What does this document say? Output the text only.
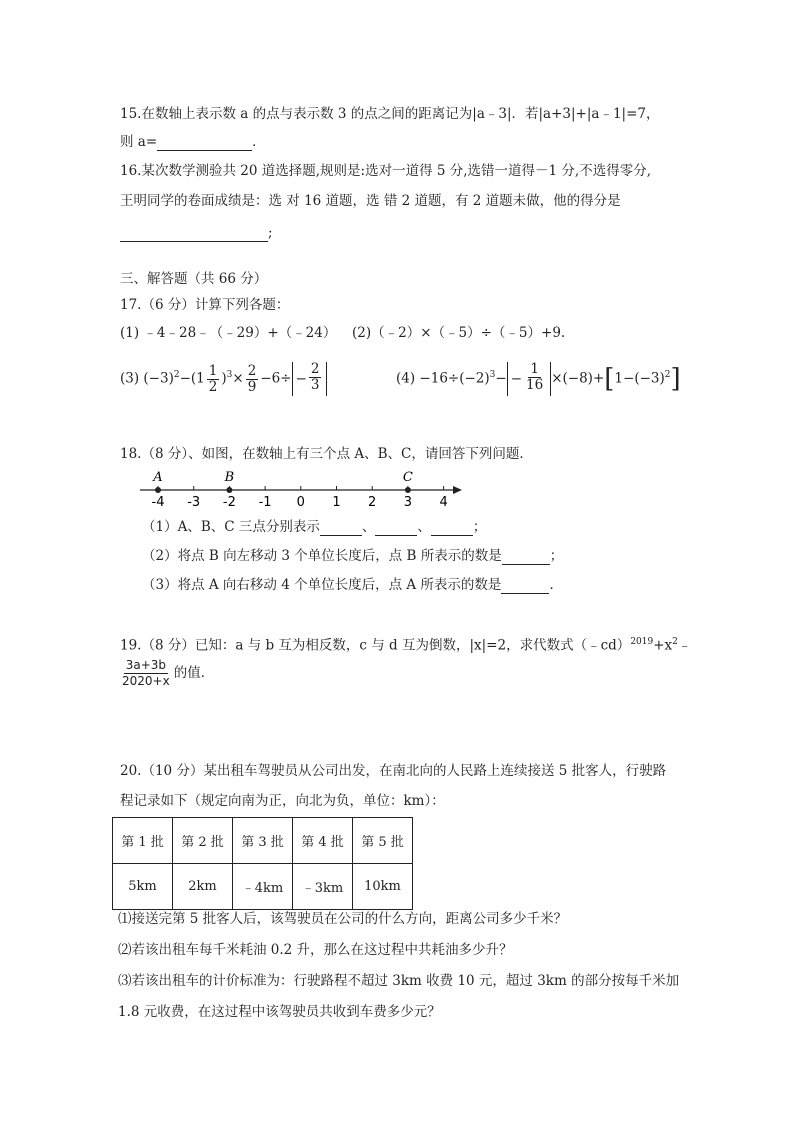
15.在数轴上表示数 a 的点与表示数 3 的点之间的距离记为|a﹣3|．若|a+3|+|a﹣1|=7，
则 a=	．
16.某次数学测验共 20 道选择题,规则是:选对一道得 5 分,选错一道得－1 分,不选得零分,
王明同学的卷面成绩是：选 对 16 道题，选 错 2 道题，有 2 道题未做，他的得分是
;
三、解答题（共 66 分）
17.（6 分）计算下列各题：
(1) ﹣4﹣28﹣（﹣29）+（﹣24） (2)（﹣2）×（﹣5）÷（﹣5）+9.
(3) $(-3)^2-(1 \frac{1}{2} )^3\times \frac{2}{9} -6\div - \frac{2}{3}$	$(4) -16\div(-2)^3- - \frac{1}{16} \times(-8)+[1-(-3)^2]$
18.（8 分）、如图，在数轴上有三个点 A、B、C，请回答下列问题．
-4 -3 -2 -1 0 1 2 3 4
A	B	C
（1）A、B、C 三点分别表示	、	、	；
（2）将点 B 向左移动 3 个单位长度后，点 B 所表示的数是	；
（3）将点 A 向右移动 4 个单位长度后，点 A 所表示的数是	．
19.（8 分）已知：a 与 b 互为相反数，c 与 d 互为倒数，|x|=2，求代数式$(﹣cd)^{2019}+x^2﹣$
$\frac{3a+3b}{2020+x}$ 的值．
20.（10 分）某出租车驾驶员从公司出发，在南北向的人民路上连续接送 5 批客人，行驶路
程记录如下（规定向南为正，向北为负，单位：km）：
第 1 批	第 2 批	第 3 批	第 4 批	第 5 批
5km	2km	﹣4km	﹣3km	10km
⑴接送完第 5 批客人后，该驾驶员在公司的什么方向，距离公司多少千米？
⑵若该出租车每千米耗油 0.2 升，那么在这过程中共耗油多少升？
⑶若该出租车的计价标准为：行驶路程不超过 3km 收费 10 元，超过 3km 的部分按每千米加
1.8 元收费，在这过程中该驾驶员共收到车费多少元？
